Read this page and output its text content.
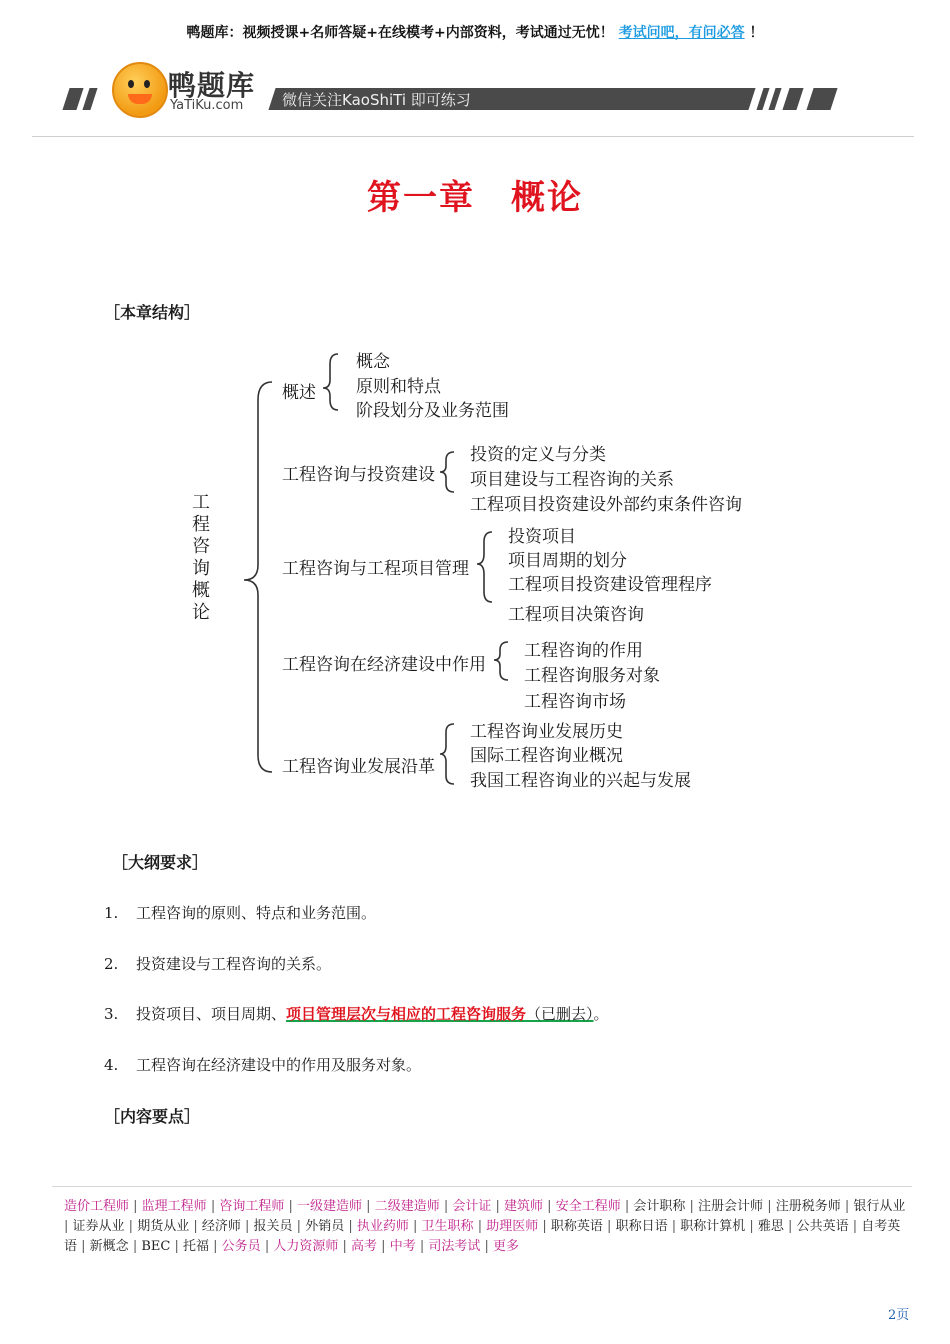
鸭题库：视频授课+名师答疑+在线模考+内部资料，考试通过无忧！ 考试问吧，有问必答 ！
鸭题库
YaTiKu.com	微信关注KaoShiTi 即可练习
第一章　概论
［本章结构］
工
程
咨
询
概
论
概述
概念
原则和特点
阶段划分及业务范围
工程咨询与投资建设
投资的定义与分类
项目建设与工程咨询的关系
工程项目投资建设外部约束条件咨询
工程咨询与工程项目管理
投资项目
项目周期的划分
工程项目投资建设管理程序
工程项目决策咨询
工程咨询在经济建设中作用
工程咨询的作用
工程咨询服务对象
工程咨询市场
工程咨询业发展沿革
工程咨询业发展历史
国际工程咨询业概况
我国工程咨询业的兴起与发展
［大纲要求］
1. 工程咨询的原则、特点和业务范围。
2. 投资建设与工程咨询的关系。
3. 投资项目、项目周期、项目管理层次与相应的工程咨询服务（已删去）。
4. 工程咨询在经济建设中的作用及服务对象。
［内容要点］
造价工程师 | 监理工程师 | 咨询工程师 | 一级建造师 | 二级建造师 | 会计证 | 建筑师 | 安全工程师 | 会计职称 | 注册会计师 | 注册税务师 | 银行从业 | 证券从业 | 期货从业 | 经济师 | 报关员 | 外销员 | 执业药师 | 卫生职称 | 助理医师 | 职称英语 | 职称日语 | 职称计算机 | 雅思 | 公共英语 | 自考英语 | 新概念 | BEC | 托福 | 公务员 | 人力资源师 | 高考 | 中考 | 司法考试 | 更多
2页
